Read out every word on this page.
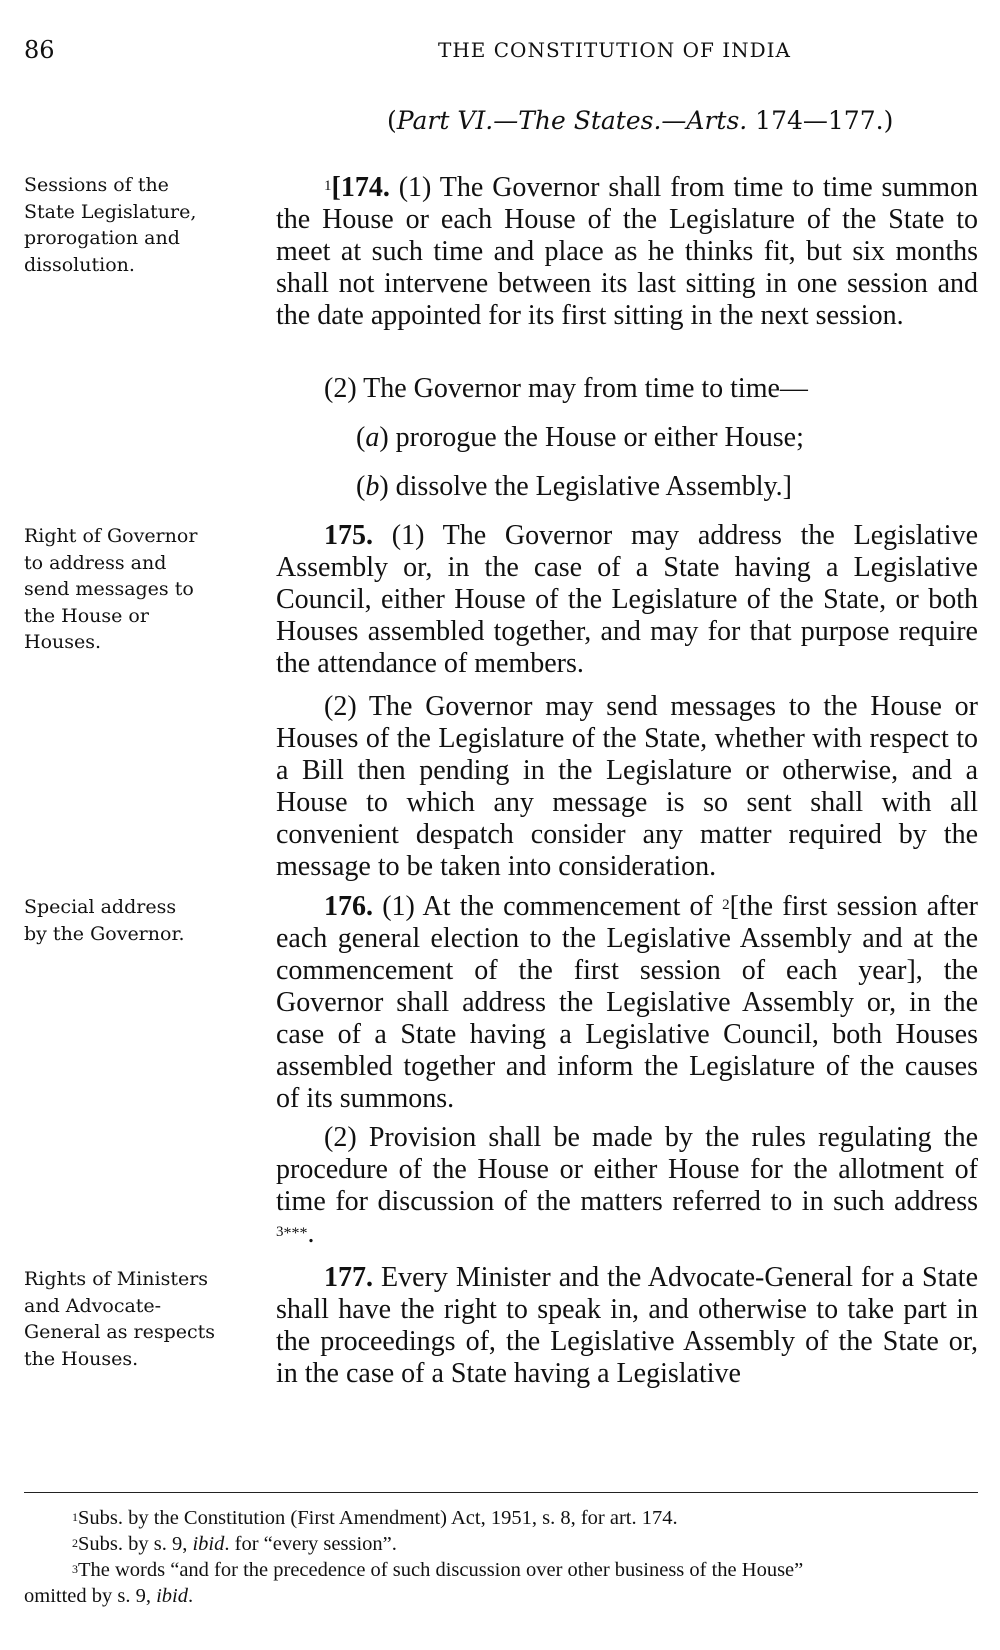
86	THE CONSTITUTION OF INDIA
(Part VI.—The States.—Arts. 174—177.)
Sessions of the
State Legislature,
prorogation and
dissolution.
Right of Governor
to address and
send messages to
the House or
Houses.
Special address
by the Governor.
Rights of Ministers
and Advocate-
General as respects
the Houses.

$^1$[174. (1) The Governor shall from time to time summon the House or each House of the Legislature of the State to meet at such time and place as he thinks fit, but six months shall not intervene between its last sitting in one session and the date appointed for its first sitting in the next session.

(2) The Governor may from time to time—
(a) prorogue the House or either House;
(b) dissolve the Legislative Assembly.]

175. (1) The Governor may address the Legislative Assembly or, in the case of a State having a Legislative Council, either House of the Legislature of the State, or both Houses assembled together, and may for that purpose require the attendance of members.

(2) The Governor may send messages to the House or Houses of the Legislature of the State, whether with respect to a Bill then pending in the Legislature or otherwise, and a House to which any message is so sent shall with all convenient despatch consider any matter required by the message to be taken into consideration.

176. (1) At the commencement of $^2$[the first session after each general election to the Legislative Assembly and at the commencement of the first session of each year], the Governor shall address the Legislative Assembly or, in the case of a State having a Legislative Council, both Houses assembled together and inform the Legislature of the causes of its summons.

(2) Provision shall be made by the rules regulating the procedure of the House or either House for the allotment of time for discussion of the matters referred to in such address $^{3***}$.

177. Every Minister and the Advocate-General for a State shall have the right to speak in, and otherwise to take part in the proceedings of, the Legislative Assembly of the State or, in the case of a State having a Legislative

$^1$Subs. by the Constitution (First Amendment) Act, 1951, s. 8, for art. 174.
$^2$Subs. by s. 9, ibid. for “every session”.
$^3$The words “and for the precedence of such discussion over other business of the House”
omitted by s. 9, ibid.
